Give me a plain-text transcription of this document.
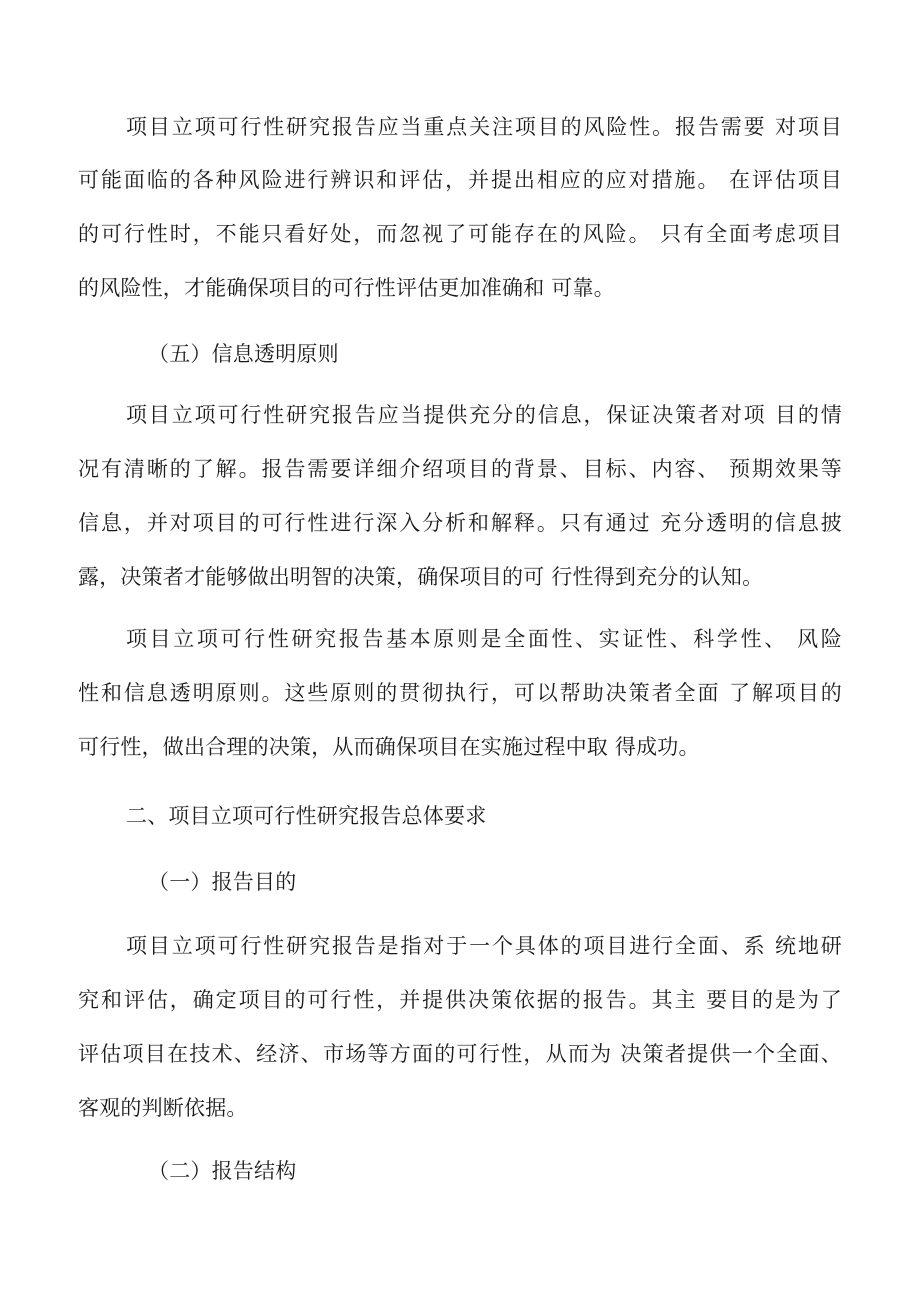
项目立项可行性研究报告应当重点关注项目的风险性。报告需要 对项目
可能面临的各种风险进行辨识和评估，并提出相应的应对措施。 在评估项目
的可行性时，不能只看好处，而忽视了可能存在的风险。 只有全面考虑项目
的风险性，才能确保项目的可行性评估更加准确和 可靠。
（五）信息透明原则
项目立项可行性研究报告应当提供充分的信息，保证决策者对项 目的情
况有清晰的了解。报告需要详细介绍项目的背景、目标、内容、 预期效果等
信息，并对项目的可行性进行深入分析和解释。只有通过 充分透明的信息披
露，决策者才能够做出明智的决策，确保项目的可 行性得到充分的认知。
项目立项可行性研究报告基本原则是全面性、实证性、科学性、 风险
性和信息透明原则。这些原则的贯彻执行，可以帮助决策者全面 了解项目的
可行性，做出合理的决策，从而确保项目在实施过程中取 得成功。
二、项目立项可行性研究报告总体要求
（一）报告目的
项目立项可行性研究报告是指对于一个具体的项目进行全面、系 统地研
究和评估，确定项目的可行性，并提供决策依据的报告。其主 要目的是为了
评估项目在技术、经济、市场等方面的可行性，从而为 决策者提供一个全面、
客观的判断依据。
（二）报告结构
